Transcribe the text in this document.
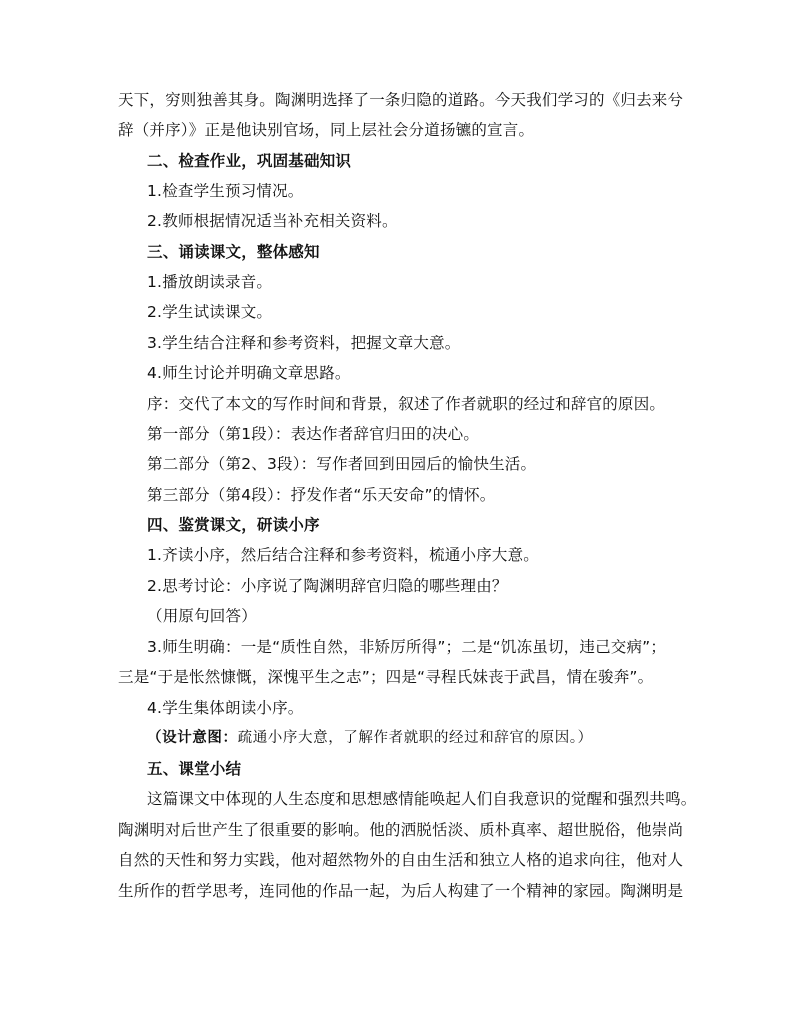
天下，穷则独善其身。陶渊明选择了一条归隐的道路。今天我们学习的《归去来兮
辞（并序）》正是他诀别官场，同上层社会分道扬镳的宣言。
二、检查作业，巩固基础知识
1.检查学生预习情况。
2.教师根据情况适当补充相关资料。
三、诵读课文，整体感知
1.播放朗读录音。
2.学生试读课文。
3.学生结合注释和参考资料，把握文章大意。
4.师生讨论并明确文章思路。
序：交代了本文的写作时间和背景，叙述了作者就职的经过和辞官的原因。
第一部分（第1段）：表达作者辞官归田的决心。
第二部分（第2、3段）：写作者回到田园后的愉快生活。
第三部分（第4段）：抒发作者“乐天安命”的情怀。
四、鉴赏课文，研读小序
1.齐读小序，然后结合注释和参考资料，梳通小序大意。
2.思考讨论：小序说了陶渊明辞官归隐的哪些理由？
（用原句回答）
3.师生明确：一是“质性自然，非矫厉所得”；二是“饥冻虽切，违己交病”；
三是“于是怅然慷慨，深愧平生之志”；四是“寻程氏妹丧于武昌，情在骏奔”。
4.学生集体朗读小序。
（设计意图：疏通小序大意，了解作者就职的经过和辞官的原因。）
五、课堂小结
这篇课文中体现的人生态度和思想感情能唤起人们自我意识的觉醒和强烈共鸣。
陶渊明对后世产生了很重要的影响。他的洒脱恬淡、质朴真率、超世脱俗，他崇尚
自然的天性和努力实践，他对超然物外的自由生活和独立人格的追求向往，他对人
生所作的哲学思考，连同他的作品一起，为后人构建了一个精神的家园。陶渊明是
